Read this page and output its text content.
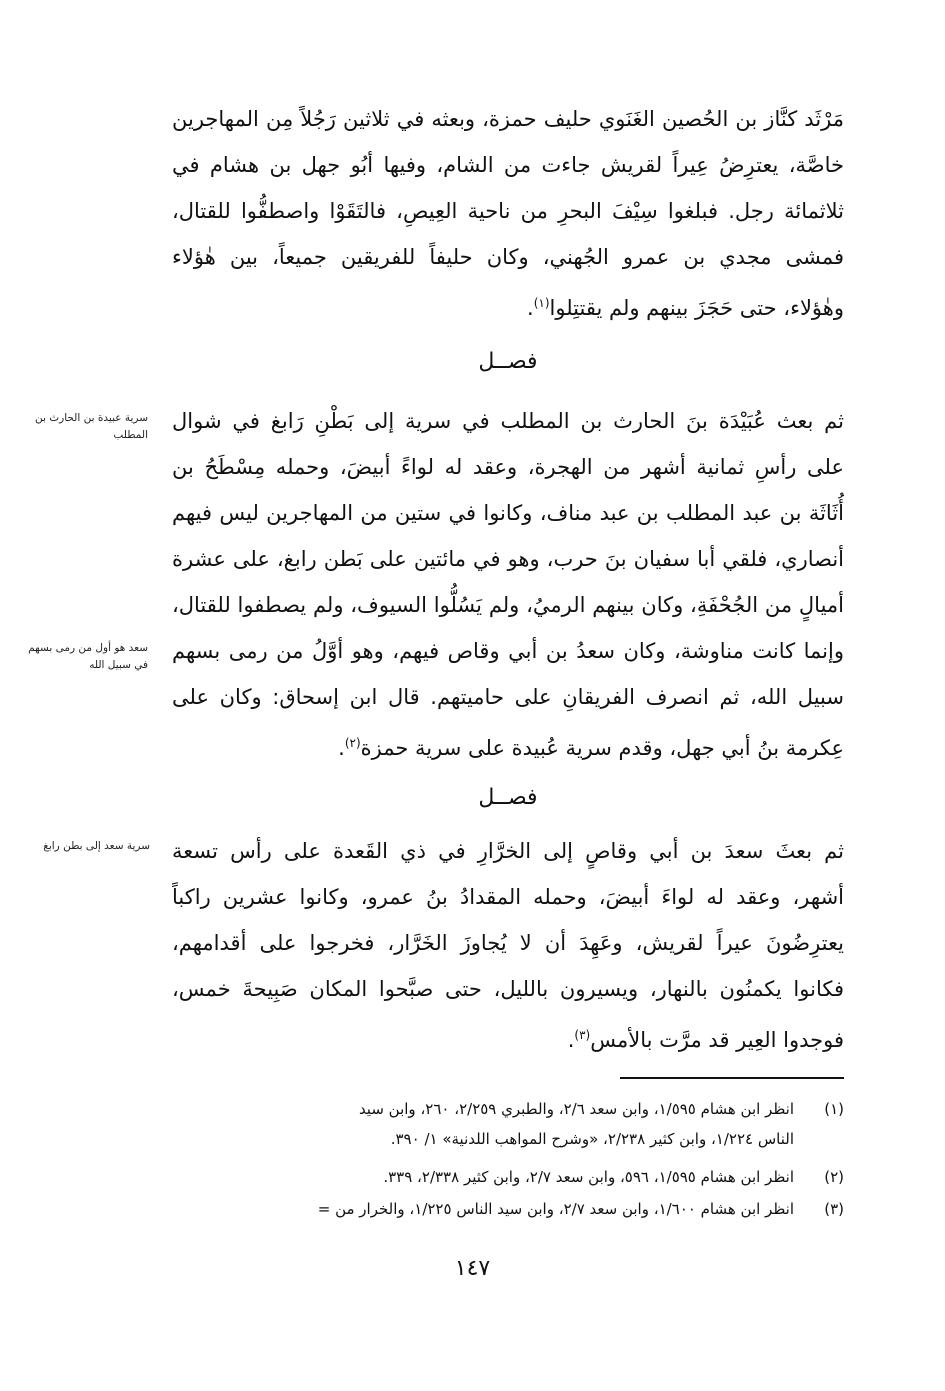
مَرْثَد كنَّاز بن الحُصين الغَنَوي حليف حمزة، وبعثه في ثلاثين رَجُلاً مِن المهاجرين
خاصَّة، يعترِضُ عِيراً لقريش جاءت من الشام، وفيها أبُو جهل بن هشام في
ثلاثمائة رجل. فبلغوا سِيْفَ البحرِ من ناحية العِيصِ، فالتَقَوْا واصطفُّوا للقتال،
فمشى مجدي بن عمرو الجُهني، وكان حليفاً للفريقين جميعاً، بين هٰؤلاء
وهٰؤلاء، حتى حَجَزَ بينهم ولم يقتتِلوا$^{(١)}$.
فصــل
سرية عبيدة بن الحارث بن المطلب
ثم بعث عُبَيْدَة بنَ الحارث بن المطلب في سرية إلى بَطْنِ رَابغ في شوال
على رأسِ ثمانية أشهر من الهجرة، وعقد له لواءً أبيضَ، وحمله مِسْطَحُ بن
أُثَاثَة بن عبد المطلب بن عبد مناف، وكانوا في ستين من المهاجرين ليس فيهم
أنصاري، فلقي أبا سفيان بنَ حرب، وهو في مائتين على بَطن رابغ، على عشرة
أميالٍ من الجُحْفَةِ، وكان بينهم الرميُ، ولم يَسُلُّوا السيوف، ولم يصطفوا للقتال،
وإنما كانت مناوشة، وكان سعدُ بن أبي وقاص فيهم، وهو أوَّلُ من رمى بسهم
سبيل الله، ثم انصرف الفريقانِ على حاميتهم. قال ابن إسحاق: وكان على
عِكرمة بنُ أبي جهل، وقدم سرية عُبيدة على سرية حمزة$^{(٢)}$.
سعد هو أول من رمى بسهم في سبيل الله
فصــل
سرية سعد إلى بطن رابغ ثم بعثَ سعدَ بن أبي وقاصٍ إلى الخرَّارِ في ذي القَعدة على رأس تسعة
أشهر، وعقد له لواءَ أبيضَ، وحمله المقدادُ بنُ عمرو، وكانوا عشرين راكباً
يعترِضُونَ عيراً لقريش، وعَهِدَ أن لا يُجاوزَ الخَرَّار، فخرجوا على أقدامهم،
فكانوا يكمنُون بالنهار، ويسيرون بالليل، حتى صبَّحوا المكان صَبِيحةَ خمس،
فوجدوا العِير قد مرَّت بالأمس$^{(٣)}$.
(١)
انظر ابن هشام ١/٥٩٥، وابن سعد ٢/٦، والطبري ٢/٢٥٩، ٢٦٠، وابن سيد
الناس ١/٢٢٤، وابن كثير ٢/٢٣٨، «وشرح المواهب اللدنية» ١/ ٣٩٠.
(٢)
انظر ابن هشام ١/٥٩٥، ٥٩٦، وابن سعد ٢/٧، وابن كثير ٢/٣٣٨، ٣٣٩.
(٣)
انظر ابن هشام ١/٦٠٠، وابن سعد ٢/٧، وابن سيد الناس ١/٢٢٥، والخرار من =
١٤٧
